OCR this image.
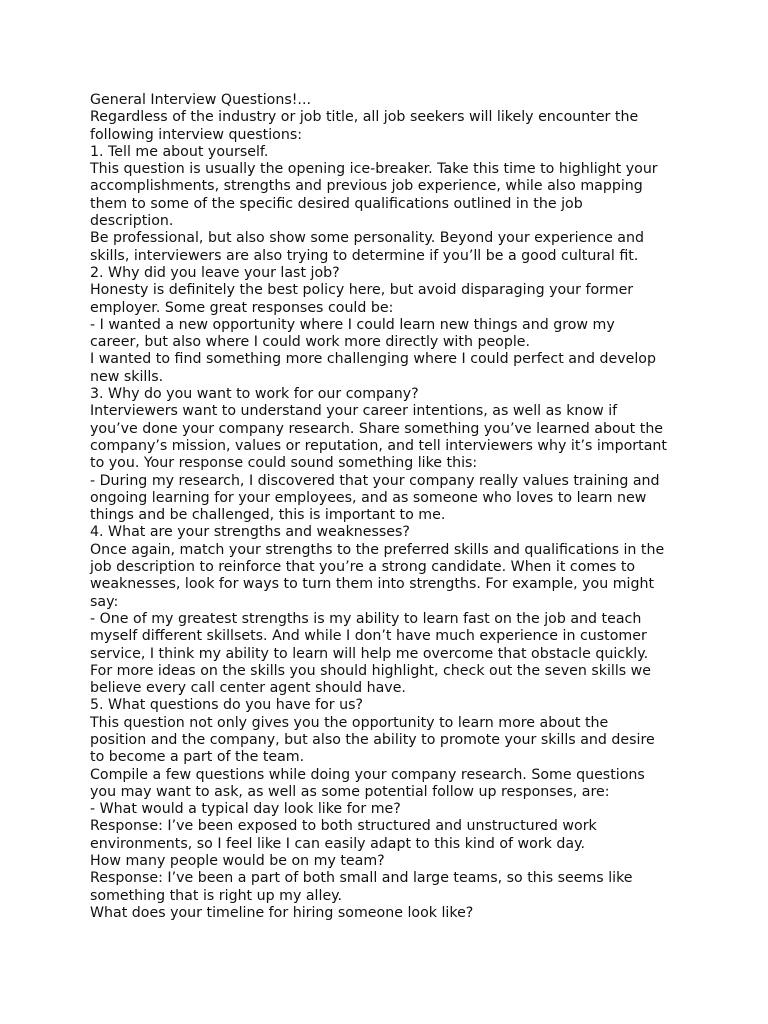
General Interview Questions!...
Regardless of the industry or job title, all job seekers will likely encounter the
following interview questions:
1. Tell me about yourself.
This question is usually the opening ice-breaker. Take this time to highlight your
accomplishments, strengths and previous job experience, while also mapping
them to some of the specific desired qualifications outlined in the job
description.
Be professional, but also show some personality. Beyond your experience and
skills, interviewers are also trying to determine if you’ll be a good cultural fit.
2. Why did you leave your last job?
Honesty is definitely the best policy here, but avoid disparaging your former
employer. Some great responses could be:
- I wanted a new opportunity where I could learn new things and grow my
career, but also where I could work more directly with people.
I wanted to find something more challenging where I could perfect and develop
new skills.
3. Why do you want to work for our company?
Interviewers want to understand your career intentions, as well as know if
you’ve done your company research. Share something you’ve learned about the
company’s mission, values or reputation, and tell interviewers why it’s important
to you. Your response could sound something like this:
- During my research, I discovered that your company really values training and
ongoing learning for your employees, and as someone who loves to learn new
things and be challenged, this is important to me.
4. What are your strengths and weaknesses?
Once again, match your strengths to the preferred skills and qualifications in the
job description to reinforce that you’re a strong candidate. When it comes to
weaknesses, look for ways to turn them into strengths. For example, you might
say:
- One of my greatest strengths is my ability to learn fast on the job and teach
myself different skillsets. And while I don’t have much experience in customer
service, I think my ability to learn will help me overcome that obstacle quickly.
For more ideas on the skills you should highlight, check out the seven skills we
believe every call center agent should have.
5. What questions do you have for us?
This question not only gives you the opportunity to learn more about the
position and the company, but also the ability to promote your skills and desire
to become a part of the team.
Compile a few questions while doing your company research. Some questions
you may want to ask, as well as some potential follow up responses, are:
- What would a typical day look like for me?
Response: I’ve been exposed to both structured and unstructured work
environments, so I feel like I can easily adapt to this kind of work day.
How many people would be on my team?
Response: I’ve been a part of both small and large teams, so this seems like
something that is right up my alley.
What does your timeline for hiring someone look like?
